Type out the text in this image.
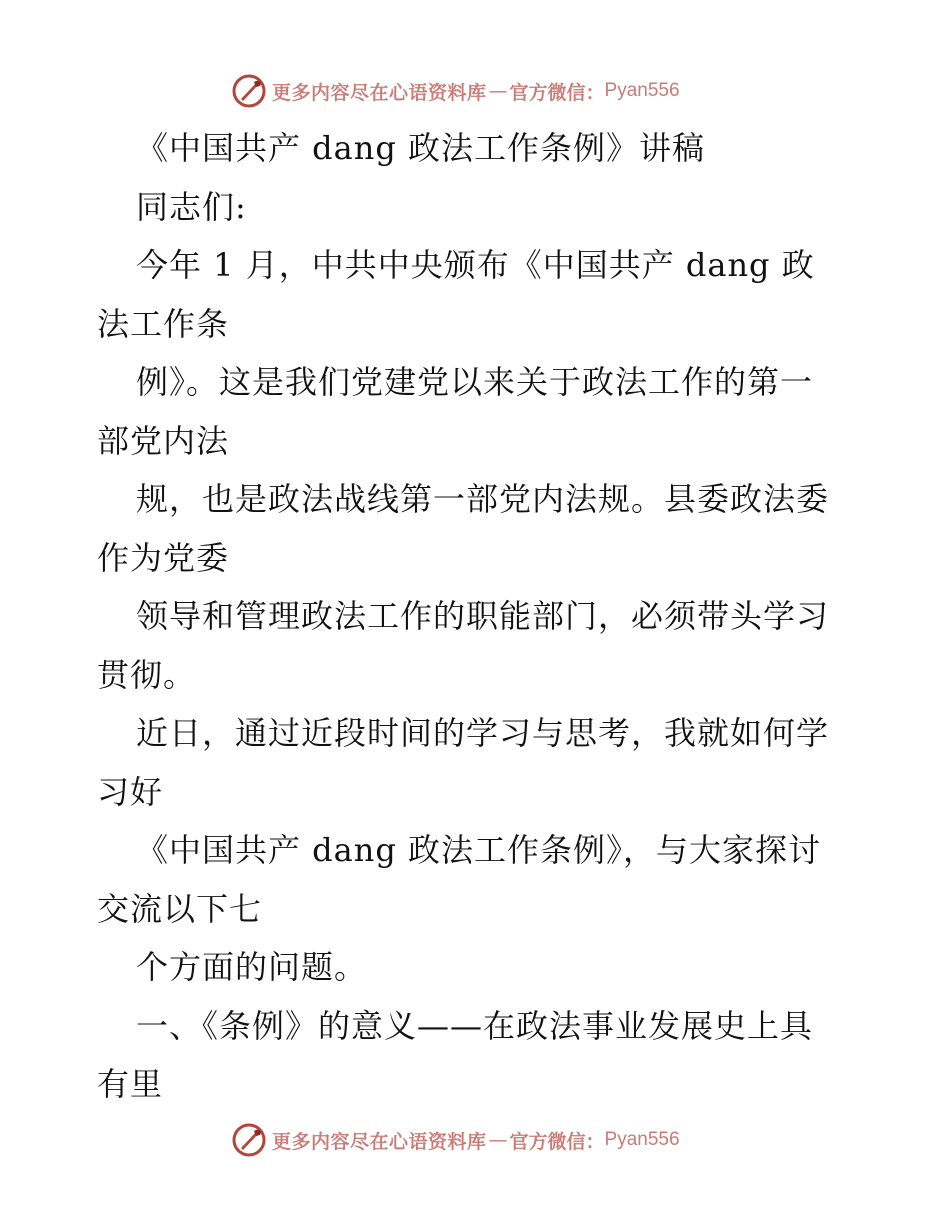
更多内容尽在心语资料库 — 官方微信： Pyan556
《中国共产 dang 政法工作条例》讲稿
同志们:
今年 1 月，中共中央颁布《中国共产 dang 政
法工作条
例》。这是我们党建党以来关于政法工作的第一
部党内法
规，也是政法战线第一部党内法规。县委政法委
作为党委
领导和管理政法工作的职能部门，必须带头学习
贯彻。
近日，通过近段时间的学习与思考，我就如何学
习好
《中国共产 dang 政法工作条例》，与大家探讨
交流以下七
个方面的问题。
一、《条例》的意义——在政法事业发展史上具
有里
更多内容尽在心语资料库 — 官方微信： Pyan556
